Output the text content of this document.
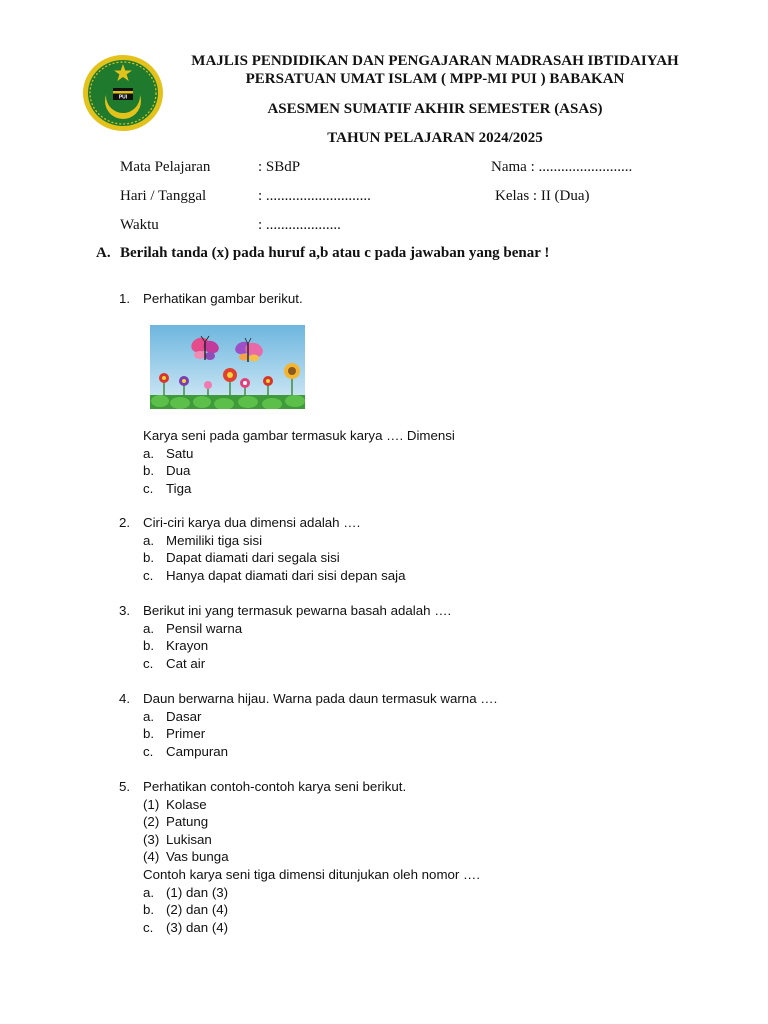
PUI
MAJLIS PENDIDIKAN DAN PENGAJARAN MADRASAH IBTIDAIYAH
PERSATUAN UMAT ISLAM ( MPP-MI PUI ) BABAKAN
ASESMEN SUMATIF AKHIR SEMESTER (ASAS)
TAHUN PELAJARAN 2024/2025
Mata Pelajaran	: SBdP	Nama : .........................
Hari / Tanggal	: ............................	Kelas : II (Dua)
Waktu	: ....................
A. Berilah tanda (x) pada huruf a,b atau c pada jawaban yang benar !
1. Perhatikan gambar berikut.
Karya seni pada gambar termasuk karya …. Dimensi
a. Satu
b. Dua
c. Tiga
2. Ciri-ciri karya dua dimensi adalah ….
a. Memiliki tiga sisi
b. Dapat diamati dari segala sisi
c. Hanya dapat diamati dari sisi depan saja
3. Berikut ini yang termasuk pewarna basah adalah ….
a. Pensil warna
b. Krayon
c. Cat air
4. Daun berwarna hijau. Warna pada daun termasuk warna ….
a. Dasar
b. Primer
c. Campuran
5. Perhatikan contoh-contoh karya seni berikut.
(1) Kolase
(2) Patung
(3) Lukisan
(4) Vas bunga
Contoh karya seni tiga dimensi ditunjukan oleh nomor ….
a. (1) dan (3)
b. (2) dan (4)
c. (3) dan (4)
